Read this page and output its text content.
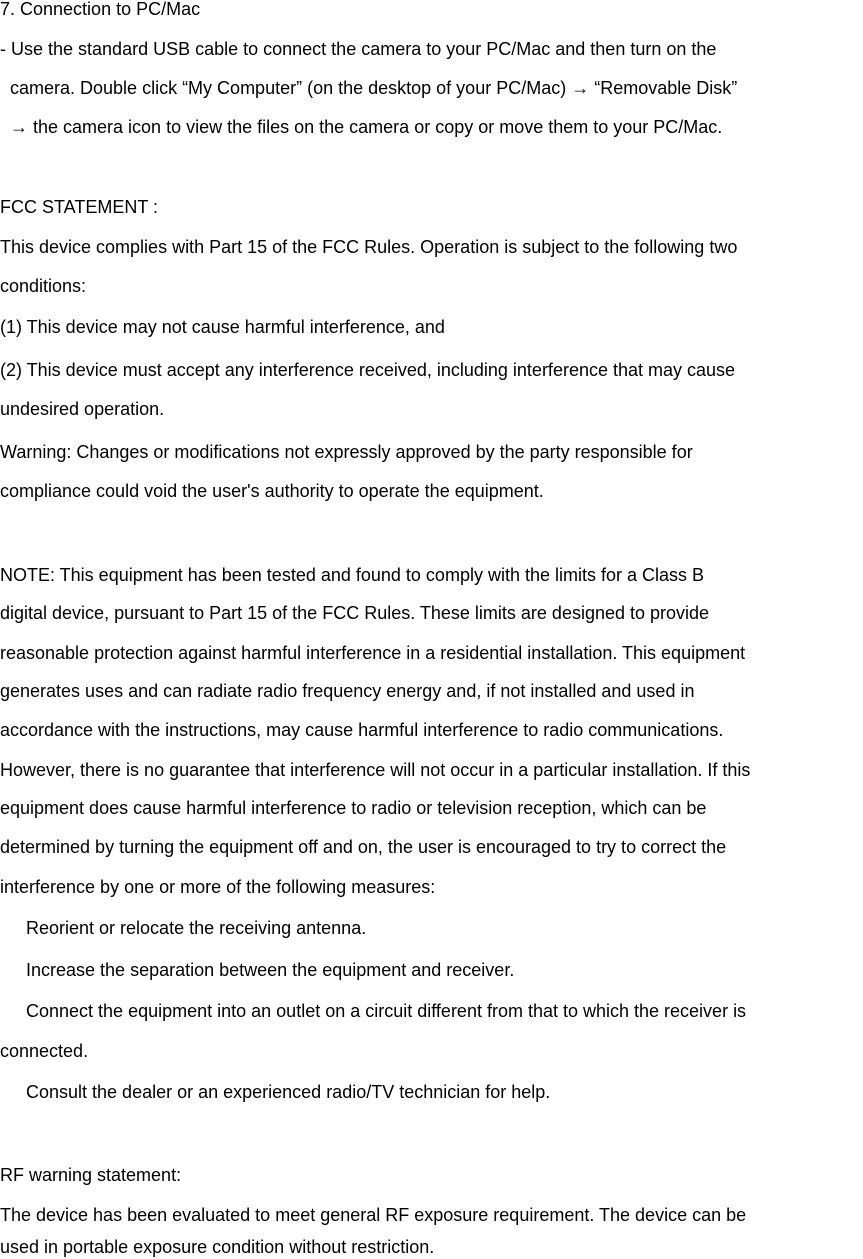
7. Connection to PC/Mac
- Use the standard USB cable to connect the camera to your PC/Mac and then turn on the
camera. Double click “My Computer” (on the desktop of your PC/Mac) → “Removable Disk”
→ the camera icon to view the files on the camera or copy or move them to your PC/Mac.
FCC STATEMENT :
This device complies with Part 15 of the FCC Rules. Operation is subject to the following two
conditions:
(1) This device may not cause harmful interference, and
(2) This device must accept any interference received, including interference that may cause
undesired operation.
Warning: Changes or modifications not expressly approved by the party responsible for
compliance could void the user's authority to operate the equipment.
NOTE: This equipment has been tested and found to comply with the limits for a Class B
digital device, pursuant to Part 15 of the FCC Rules. These limits are designed to provide
reasonable protection against harmful interference in a residential installation. This equipment
generates uses and can radiate radio frequency energy and, if not installed and used in
accordance with the instructions, may cause harmful interference to radio communications.
However, there is no guarantee that interference will not occur in a particular installation. If this
equipment does cause harmful interference to radio or television reception, which can be
determined by turning the equipment off and on, the user is encouraged to try to correct the
interference by one or more of the following measures:
Reorient or relocate the receiving antenna.
Increase the separation between the equipment and receiver.
Connect the equipment into an outlet on a circuit different from that to which the receiver is
connected.
Consult the dealer or an experienced radio/TV technician for help.
RF warning statement:
The device has been evaluated to meet general RF exposure requirement. The device can be
used in portable exposure condition without restriction.
